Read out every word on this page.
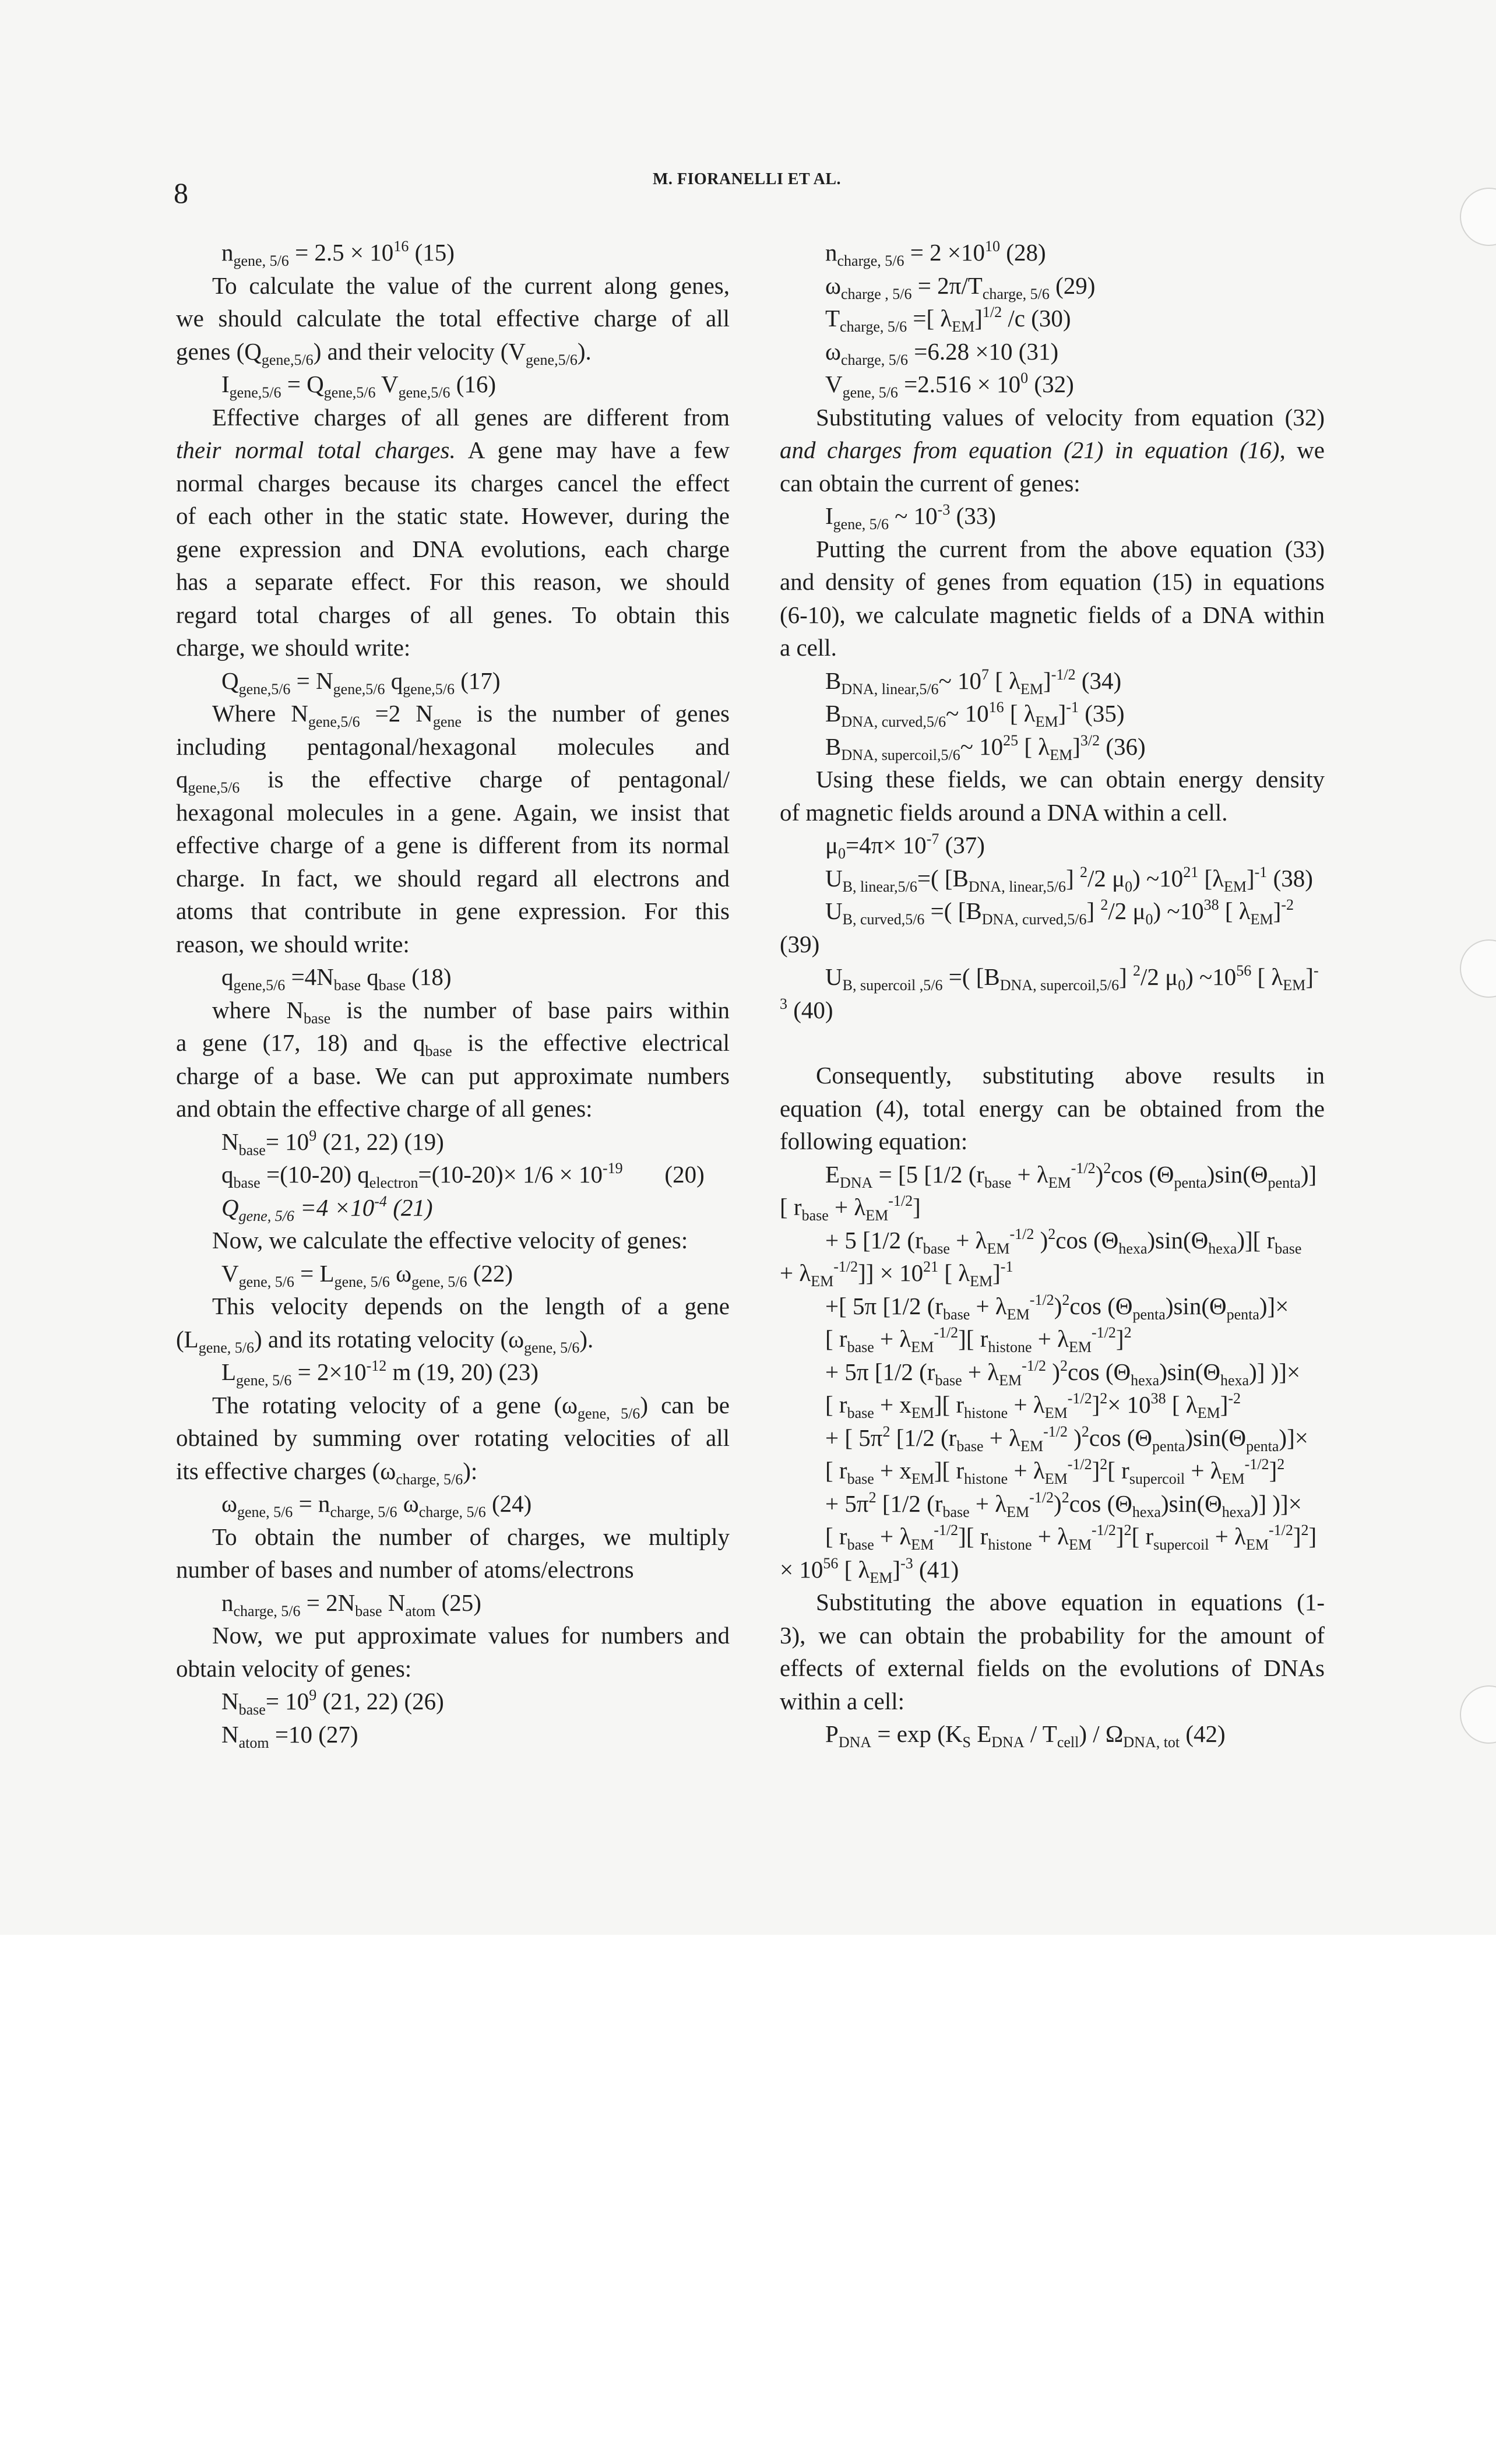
8	M. FIORANELLI ET AL.
$n_{gene, 5/6} = 2.5 \times 10^{16}$ (15)
To calculate the value of the current along genes,
we should calculate the total effective charge of all
genes $(Q_{gene,5/6})$ and their velocity $(V_{gene,5/6})$.
$I_{gene,5/6} = Q_{gene,5/6}$ $V_{gene,5/6}$ (16)
Effective charges of all genes are different from
their normal total charges. A gene may have a few
normal charges because its charges cancel the effect
of each other in the static state. However, during the
gene expression and DNA evolutions, each charge
has a separate effect. For this reason, we should
regard total charges of all genes. To obtain this
charge, we should write:
$Q_{gene,5/6} = N_{gene,5/6}$ $q_{gene,5/6}$ (17)
Where $N_{gene,5/6} =2$ $N_{gene}$ is the number of genes
including pentagonal/hexagonal molecules and
$q_{gene,5/6}$ is the effective charge of pentagonal/
hexagonal molecules in a gene. Again, we insist that
effective charge of a gene is different from its normal
charge. In fact, we should regard all electrons and
atoms that contribute in gene expression. For this
reason, we should write:
$q_{gene,5/6} =4N_{base}$ $q_{base}$ (18)
where $N_{base}$ is the number of base pairs within
a gene (17, 18) and $q_{base}$ is the effective electrical
charge of a base. We can put approximate numbers
and obtain the effective charge of all genes:
$N_{base}= 10^9$ (21, 22) (19)
$q_{base} =(10-20)$ $q_{electron}=(10-20)\times 1/6 \times 10^{-19}$       (20)
$Q_{gene, 5/6} =4 \times 10^{-4}$ (21)
Now, we calculate the effective velocity of genes:
$V_{gene, 5/6} = L_{gene, 5/6}$ $\omega_{gene, 5/6}$ (22)
This velocity depends on the length of a gene
$(L_{gene, 5/6})$ and its rotating velocity $(\omega_{gene, 5/6})$.
$L_{gene, 5/6} = 2\times 10^{-12}$ m (19, 20) (23)
The rotating velocity of a gene $(\omega_{gene, 5/6})$ can be
obtained by summing over rotating velocities of all
its effective charges $(\omega_{charge, 5/6})$:
$\omega_{gene, 5/6} = n_{charge, 5/6}$ $\omega_{charge, 5/6}$ (24)
To obtain the number of charges, we multiply
number of bases and number of atoms/electrons
$n_{charge, 5/6} = 2N_{base}$ $N_{atom}$ (25)
Now, we put approximate values for numbers and
obtain velocity of genes:
$N_{base}= 10^9$ (21, 22) (26)
$N_{atom} =10$ (27)
$n_{charge, 5/6} = 2 \times 10^{10}$ (28)
$\omega_{charge , 5/6} = 2\pi/T_{charge, 5/6}$ (29)
$T_{charge, 5/6}$ =[ $\lambda_{EM}]^{1/2}$ /c (30)
$\omega_{charge, 5/6} =6.28 \times 10$ (31)
$V_{gene, 5/6} =2.516 \times 10^0$ (32)
Substituting values of velocity from equation (32)
and charges from equation (21) in equation (16), we
can obtain the current of genes:
$I_{gene, 5/6}$ ~ $10^{-3}$ (33)
Putting the current from the above equation (33)
and density of genes from equation (15) in equations
(6-10), we calculate magnetic fields of a DNA within
a cell.
$B_{DNA, linear,5/6}\sim$ $10^7$ [ $\lambda_{EM}]^{-1/2}$ (34)
$B_{DNA, curved,5/6}\sim$ $10^{16}$ [ $\lambda_{EM}]^{-1}$ (35)
$B_{DNA, supercoil,5/6}\sim$ $10^{25}$ [ $\lambda_{EM}]^{3/2}$ (36)
Using these fields, we can obtain energy density
of magnetic fields around a DNA within a cell.
$\mu_0=4\pi\times 10^{-7}$ (37)
$U_{B, linear,5/6}=$( $[B_{DNA, linear,5/6}]$ $^2$/2 $\mu_0$) $\sim 10^{21}$ $[\lambda_{EM}]^{-1}$ (38)
$U_{B, curved,5/6}$ =( $[B_{DNA, curved,5/6}]$ $^2$/2 $\mu_0$) $\sim 10^{38}$ [ $\lambda_{EM}]^{-2}$
(39)
$U_{B, supercoil ,5/6}$ =( $[B_{DNA, supercoil,5/6}]$ $^2$/2 $\mu_0$) $\sim 10^{56}$ [ $\lambda_{EM}]^-$
$^3$ (40)
Consequently, substituting above results in
equation (4), total energy can be obtained from the
following equation:
$E_{DNA} = [5$ [1/2 $(r_{base} + \lambda_{EM}^{-1/2})^2\cos$ $(\Theta_{penta})\sin(\Theta_{penta})$]
[ $r_{base} + \lambda_{EM}^{-1/2}$]
+ 5 [1/2 ($r_{base} + \lambda_{EM}^{-1/2}$ )$^2$cos $(\Theta_{hexa})\sin(\Theta_{hexa})$][ $r_{base}$
+ $\lambda_{EM}^{-1/2}]] \times 10^{21}$ [ $\lambda_{EM}]^{-1}$
+[ 5π [1/2 $(r_{base} + \lambda_{EM}^{-1/2})^2\cos$ $(\Theta_{penta})\sin(\Theta_{penta})]\times$
[ $r_{base} + \lambda_{EM}^{-1/2}$][ $r_{histone} + \lambda_{EM}^{-1/2}]^2$
+ 5π [1/2 ($r_{base} + \lambda_{EM}^{-1/2}$ )$^2$cos $(\Theta_{hexa})\sin(\Theta_{hexa})$] )]×
[ $r_{base} + x_{EM}$][ $r_{histone} + \lambda_{EM}^{-1/2}]^2\times 10^{38}$ [ $\lambda_{EM}]^{-2}$
+ [ $5\pi^2$ [1/2 ($r_{base} + \lambda_{EM}^{-1/2}$ )$^2$cos $(\Theta_{penta})\sin(\Theta_{penta})]\times$
[ $r_{base} + x_{EM}$][ $r_{histone} + \lambda_{EM}^{-1/2}]^2$[ $r_{supercoil} + \lambda_{EM}^{-1/2}]^2$
+ $5\pi^2$ [1/2 $(r_{base} + \lambda_{EM}^{-1/2})^2\cos$ $(\Theta_{hexa})\sin(\Theta_{hexa})$] )]×
[ $r_{base} + \lambda_{EM}^{-1/2}$][ $r_{histone} + \lambda_{EM}^{-1/2}]^2$[ $r_{supercoil} + \lambda_{EM}^{-1/2}]^2$]
× $10^{56}$ [ $\lambda_{EM}]^{-3}$ (41)
Substituting the above equation in equations (1-
3), we can obtain the probability for the amount of
effects of external fields on the evolutions of DNAs
within a cell:
$P_{DNA} = \exp (K_S$ $E_{DNA} / T_{cell}) / \Omega_{DNA, tot}$ (42)
